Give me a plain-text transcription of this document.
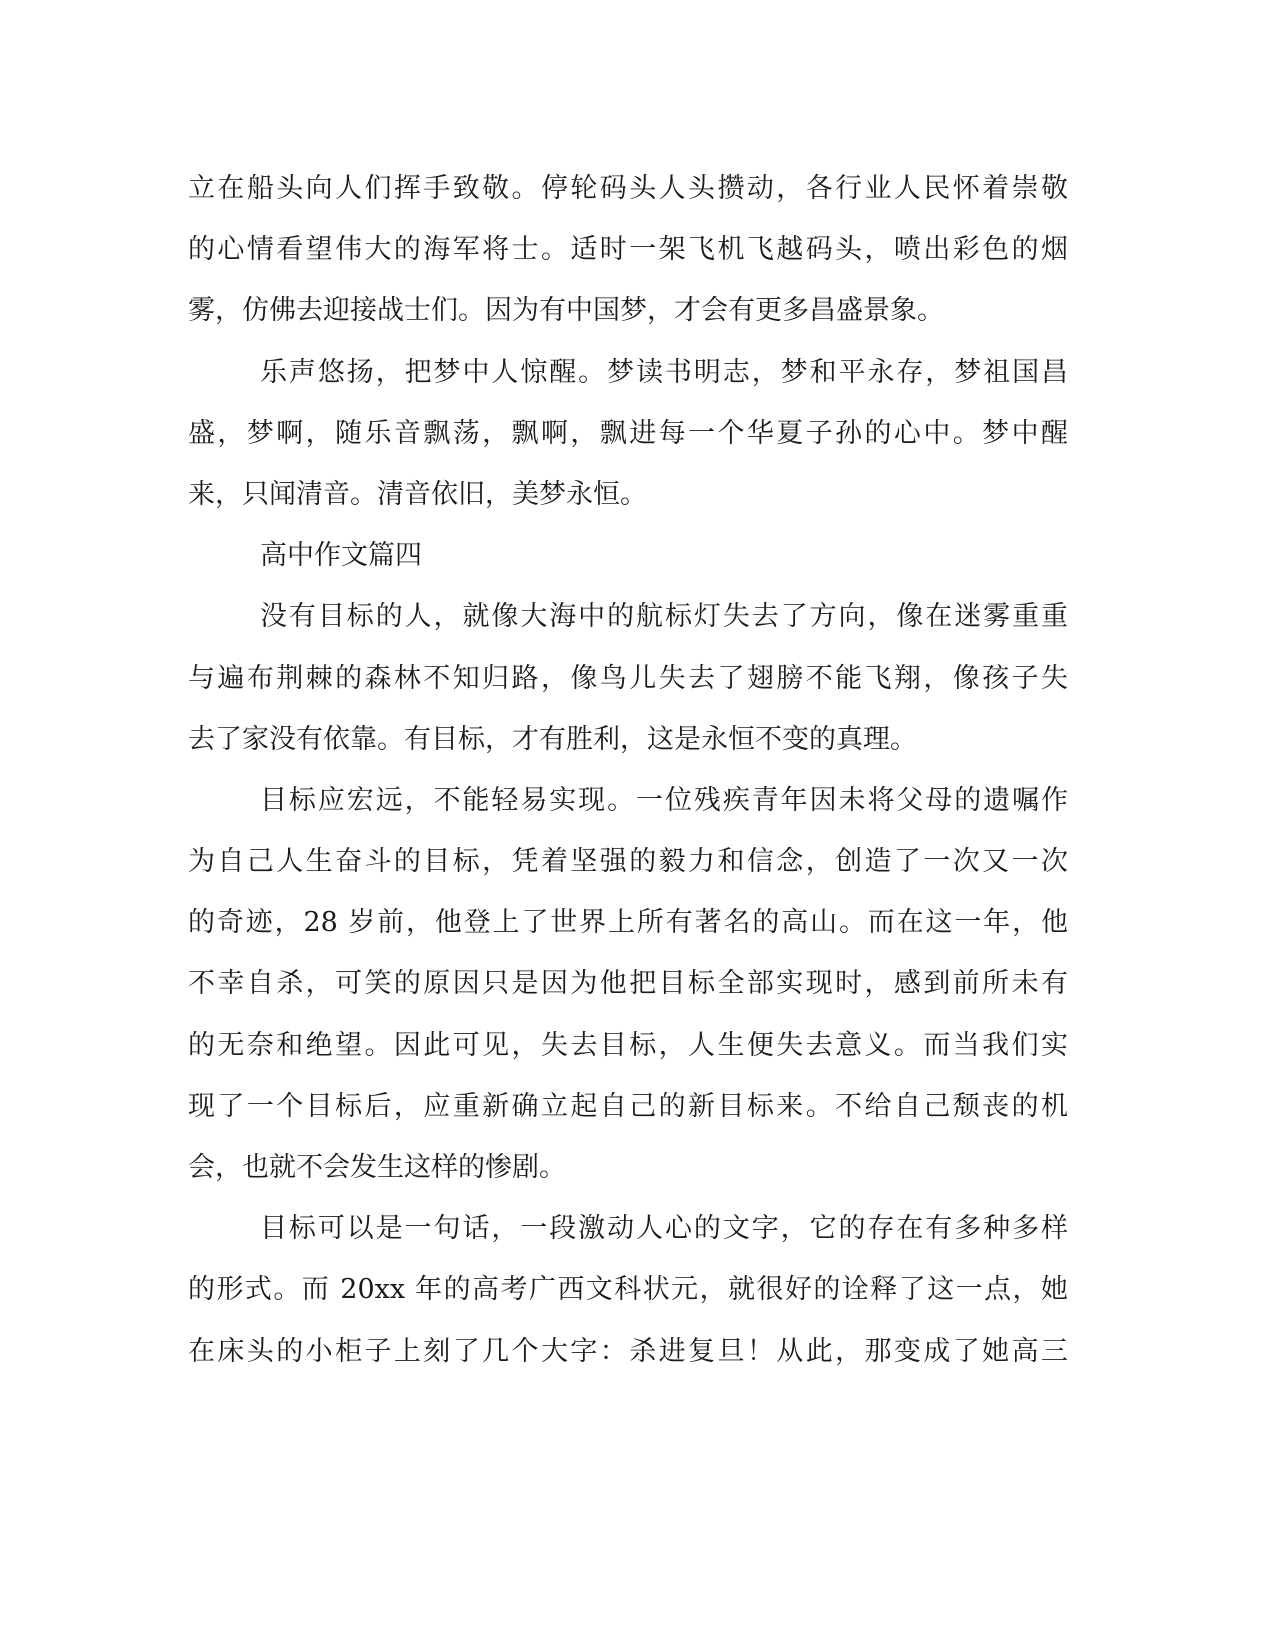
立在船头向人们挥手致敬。停轮码头人头攒动，各行业人民怀着崇敬
的心情看望伟大的海军将士。适时一架飞机飞越码头，喷出彩色的烟
雾，仿佛去迎接战士们。因为有中国梦，才会有更多昌盛景象。
乐声悠扬，把梦中人惊醒。梦读书明志，梦和平永存，梦祖国昌
盛，梦啊，随乐音飘荡，飘啊，飘进每一个华夏子孙的心中。梦中醒
来，只闻清音。清音依旧，美梦永恒。
高中作文篇四
没有目标的人，就像大海中的航标灯失去了方向，像在迷雾重重
与遍布荆棘的森林不知归路，像鸟儿失去了翅膀不能飞翔，像孩子失
去了家没有依靠。有目标，才有胜利，这是永恒不变的真理。
目标应宏远，不能轻易实现。一位残疾青年因未将父母的遗嘱作
为自己人生奋斗的目标，凭着坚强的毅力和信念，创造了一次又一次
的奇迹，28 岁前，他登上了世界上所有著名的高山。而在这一年，他
不幸自杀，可笑的原因只是因为他把目标全部实现时，感到前所未有
的无奈和绝望。因此可见，失去目标，人生便失去意义。而当我们实
现了一个目标后，应重新确立起自己的新目标来。不给自己颓丧的机
会，也就不会发生这样的惨剧。
目标可以是一句话，一段激动人心的文字，它的存在有多种多样
的形式。而 20xx 年的高考广西文科状元，就很好的诠释了这一点，她
在床头的小柜子上刻了几个大字：杀进复旦！从此，那变成了她高三
